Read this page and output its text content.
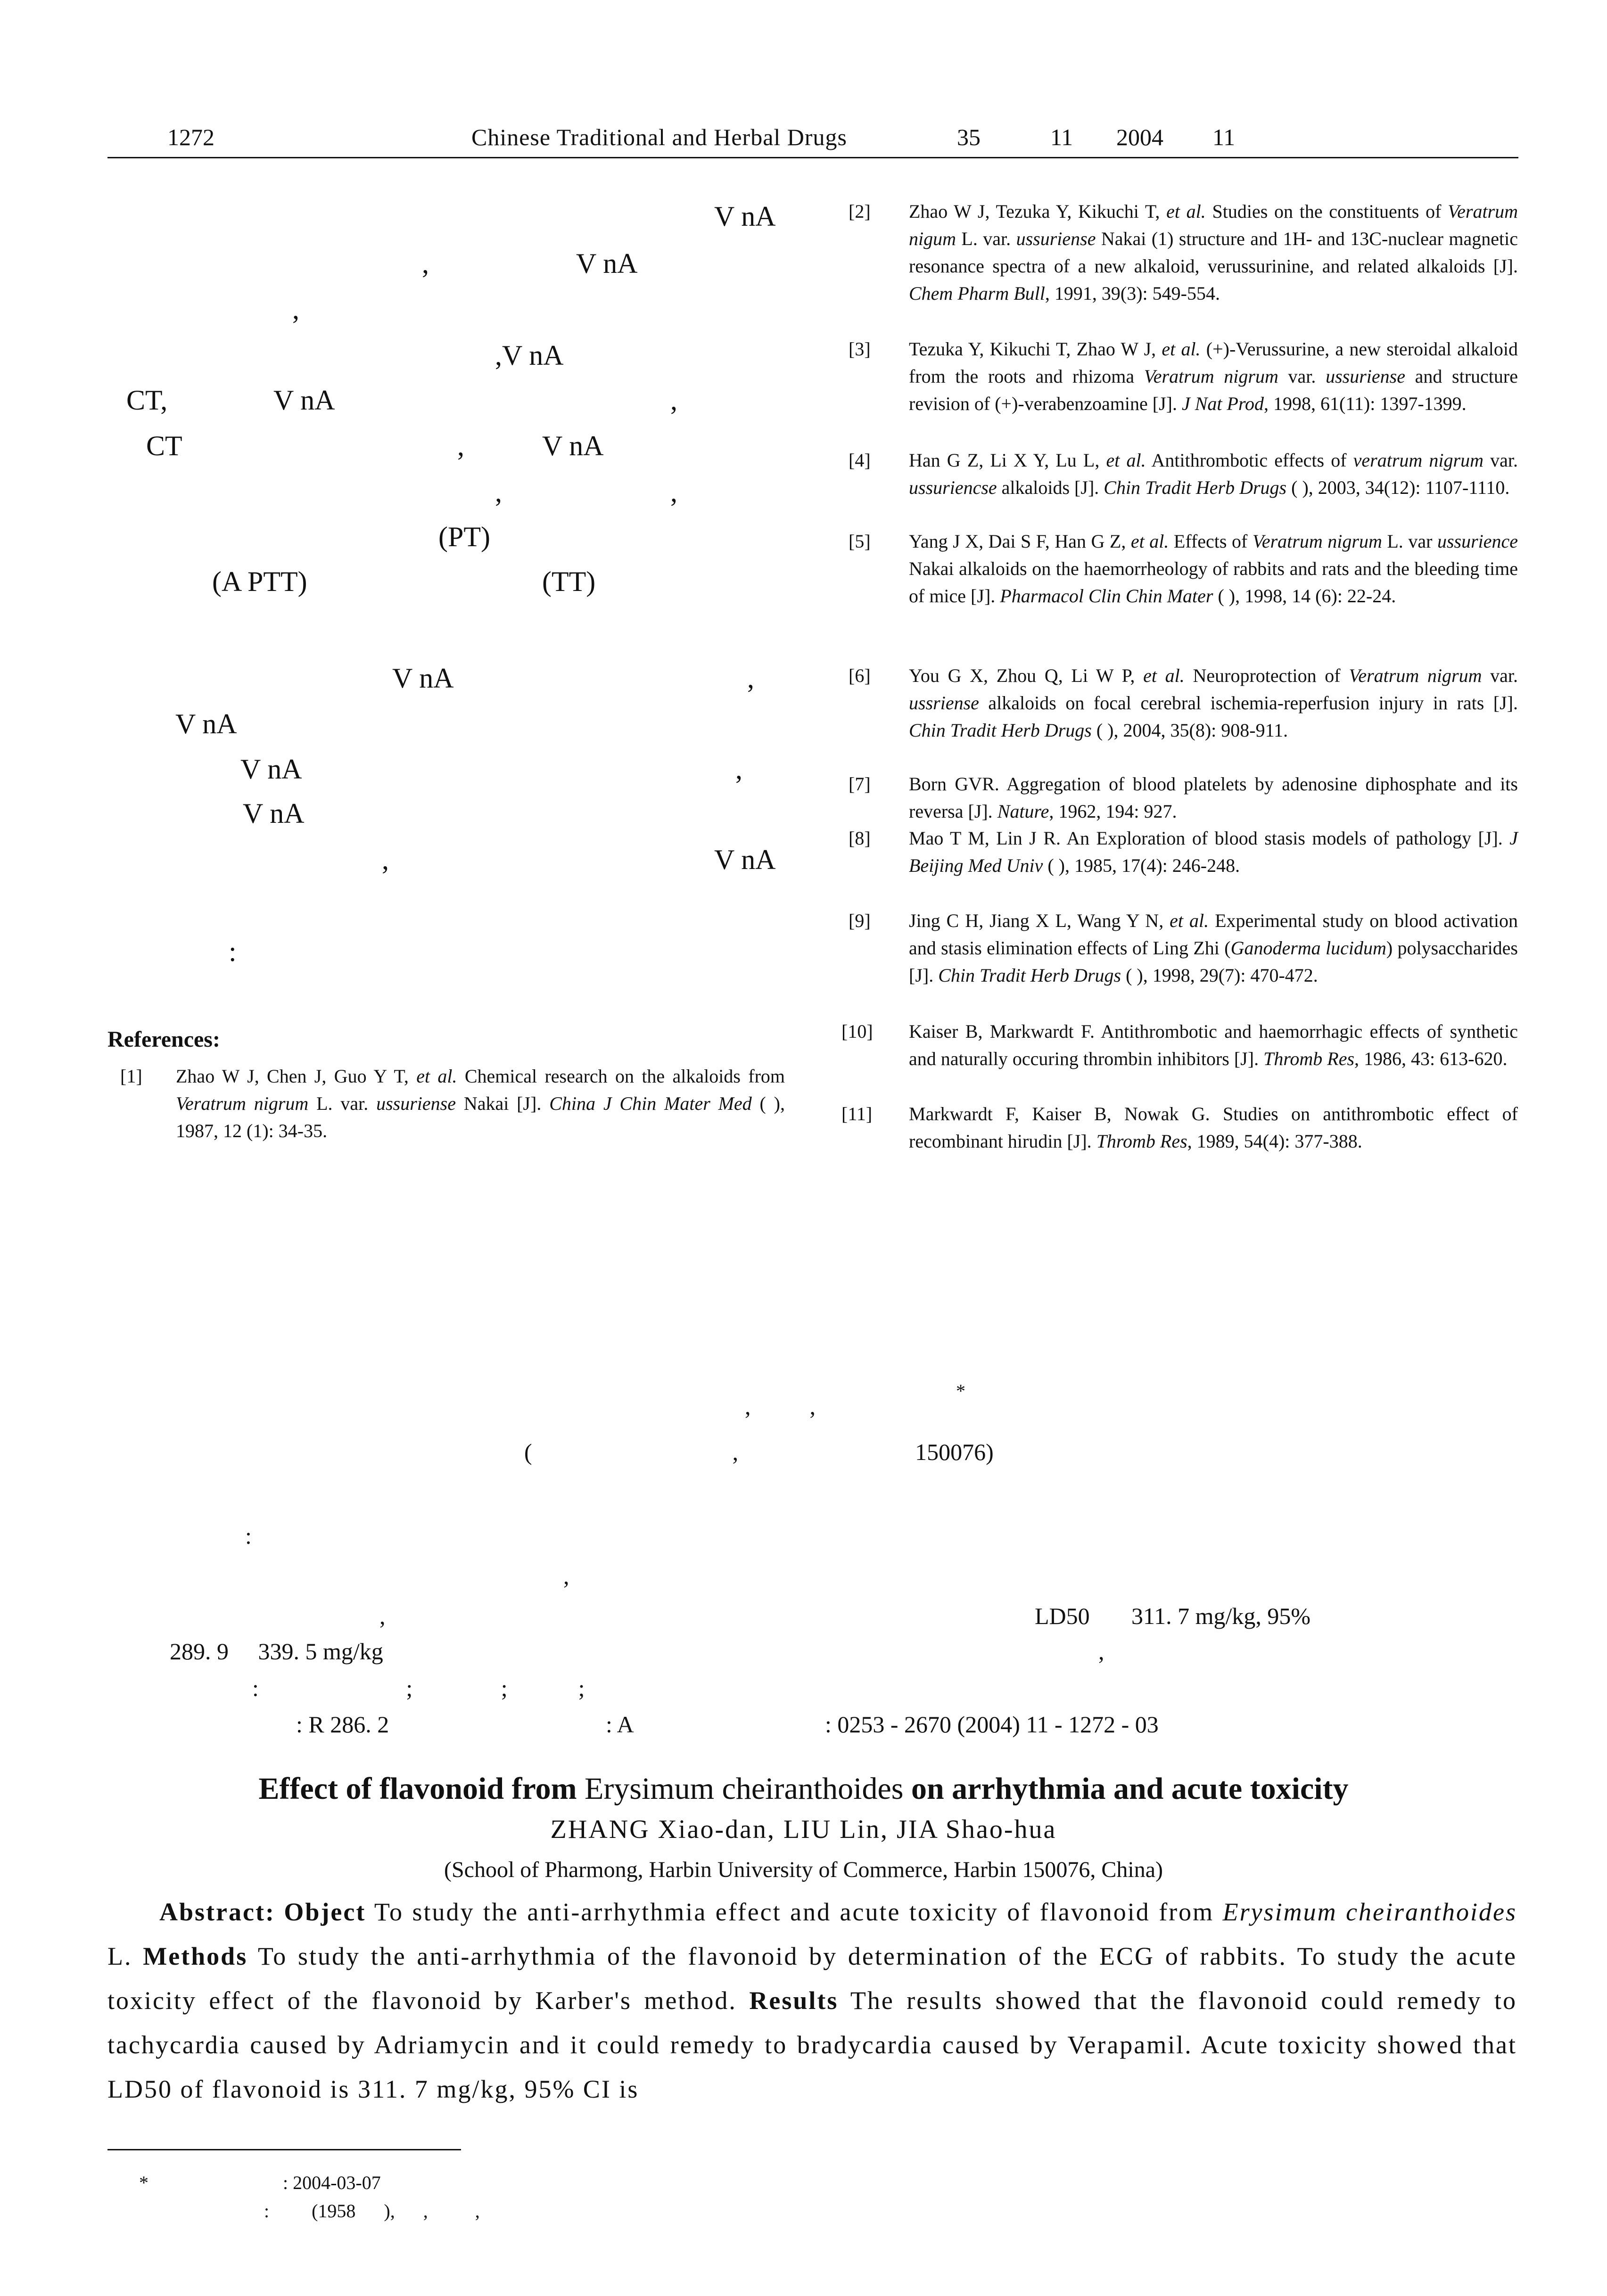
1272	Chinese Traditional and Herbal Drugs	35	11 2004 11
V nA
,	V nA
,
,V nA
CT,	V nA	,
CT	,	V nA
,	,
(PT)
(A PTT)	(TT)
V nA	,
V nA
V nA	,
V nA
,	V nA
:
References:
[1] Zhao W J, Chen J, Guo Y T, et al. Chemical research on the alkaloids from Veratrum nigrum L. var. ussuriense Nakai [J]. China J Chin Mater Med ( ), 1987, 12 (1): 34-35.
[2] Zhao W J, Tezuka Y, Kikuchi T, et al. Studies on the constituents of Veratrum nigum L. var. ussuriense Nakai (1) structure and 1H- and 13C-nuclear magnetic resonance spectra of a new alkaloid, verussurinine, and related alkaloids [J]. Chem Pharm Bull, 1991, 39(3): 549-554.
[3] Tezuka Y, Kikuchi T, Zhao W J, et al. (+)-Verussurine, a new steroidal alkaloid from the roots and rhizoma Veratrum nigrum var. ussuriense and structure revision of (+)-verabenzoamine [J]. J Nat Prod, 1998, 61(11): 1397-1399.
[4] Han G Z, Li X Y, Lu L, et al. Antithrombotic effects of veratrum nigrum var. ussuriencse alkaloids [J]. Chin Tradit Herb Drugs ( ), 2003, 34(12): 1107-1110.
[5] Yang J X, Dai S F, Han G Z, et al. Effects of Veratrum nigrum L. var ussurience Nakai alkaloids on the haemorrheology of rabbits and rats and the bleeding time of mice [J]. Pharmacol Clin Chin Mater ( ), 1998, 14 (6): 22-24.
[6] You G X, Zhou Q, Li W P, et al. Neuroprotection of Veratrum nigrum var. ussriense alkaloids on focal cerebral ischemia-reperfusion injury in rats [J]. Chin Tradit Herb Drugs ( ), 2004, 35(8): 908-911.
[7] Born GVR. Aggregation of blood platelets by adenosine diphosphate and its reversa [J]. Nature, 1962, 194: 927.
[8] Mao T M, Lin J R. An Exploration of blood stasis models of pathology [J]. J Beijing Med Univ ( ), 1985, 17(4): 246-248.
[9] Jing C H, Jiang X L, Wang Y N, et al. Experimental study on blood activation and stasis elimination effects of Ling Zhi (Ganoderma lucidum) polysaccharides [J]. Chin Tradit Herb Drugs ( ), 1998, 29(7): 470-472.
[10] Kaiser B, Markwardt F. Antithrombotic and haemorrhagic effects of synthetic and naturally occuring thrombin inhibitors [J]. Thromb Res, 1986, 43: 613-620.
[11] Markwardt F, Kaiser B, Nowak G. Studies on antithrombotic effect of recombinant hirudin [J]. Thromb Res, 1989, 54(4): 377-388.
*
,          ,
(                                  ,                              150076)
:
,
,	LD50 311. 7 mg/kg, 95%
289. 9     339. 5 mg/kg	,
:                         ;               ;            ;
: R 286. 2	: A	: 0253 - 2670 (2004) 11 - 1272 - 03
Effect of flavonoid from Erysimum cheiranthoides on arrhythmia and acute toxicity
ZHANG Xiao-dan, LIU Lin, JIA Shao-hua
(School of Pharmong, Harbin University of Commerce, Harbin 150076, China)
Abstract: Object To study the anti-arrhythmia effect and acute toxicity of flavonoid from Erysimum cheiranthoides L. Methods To study the anti-arrhythmia of the flavonoid by determination of the ECG of rabbits. To study the acute toxicity effect of the flavonoid by Karber's method. Results The results showed that the flavonoid could remedy to tachycardia caused by Adriamycin and it could remedy to bradycardia caused by Verapamil. Acute toxicity showed that LD50 of flavonoid is 311. 7 mg/kg, 95% CI is
*	: 2004-03-07
:         (1958      ),      ,          ,
